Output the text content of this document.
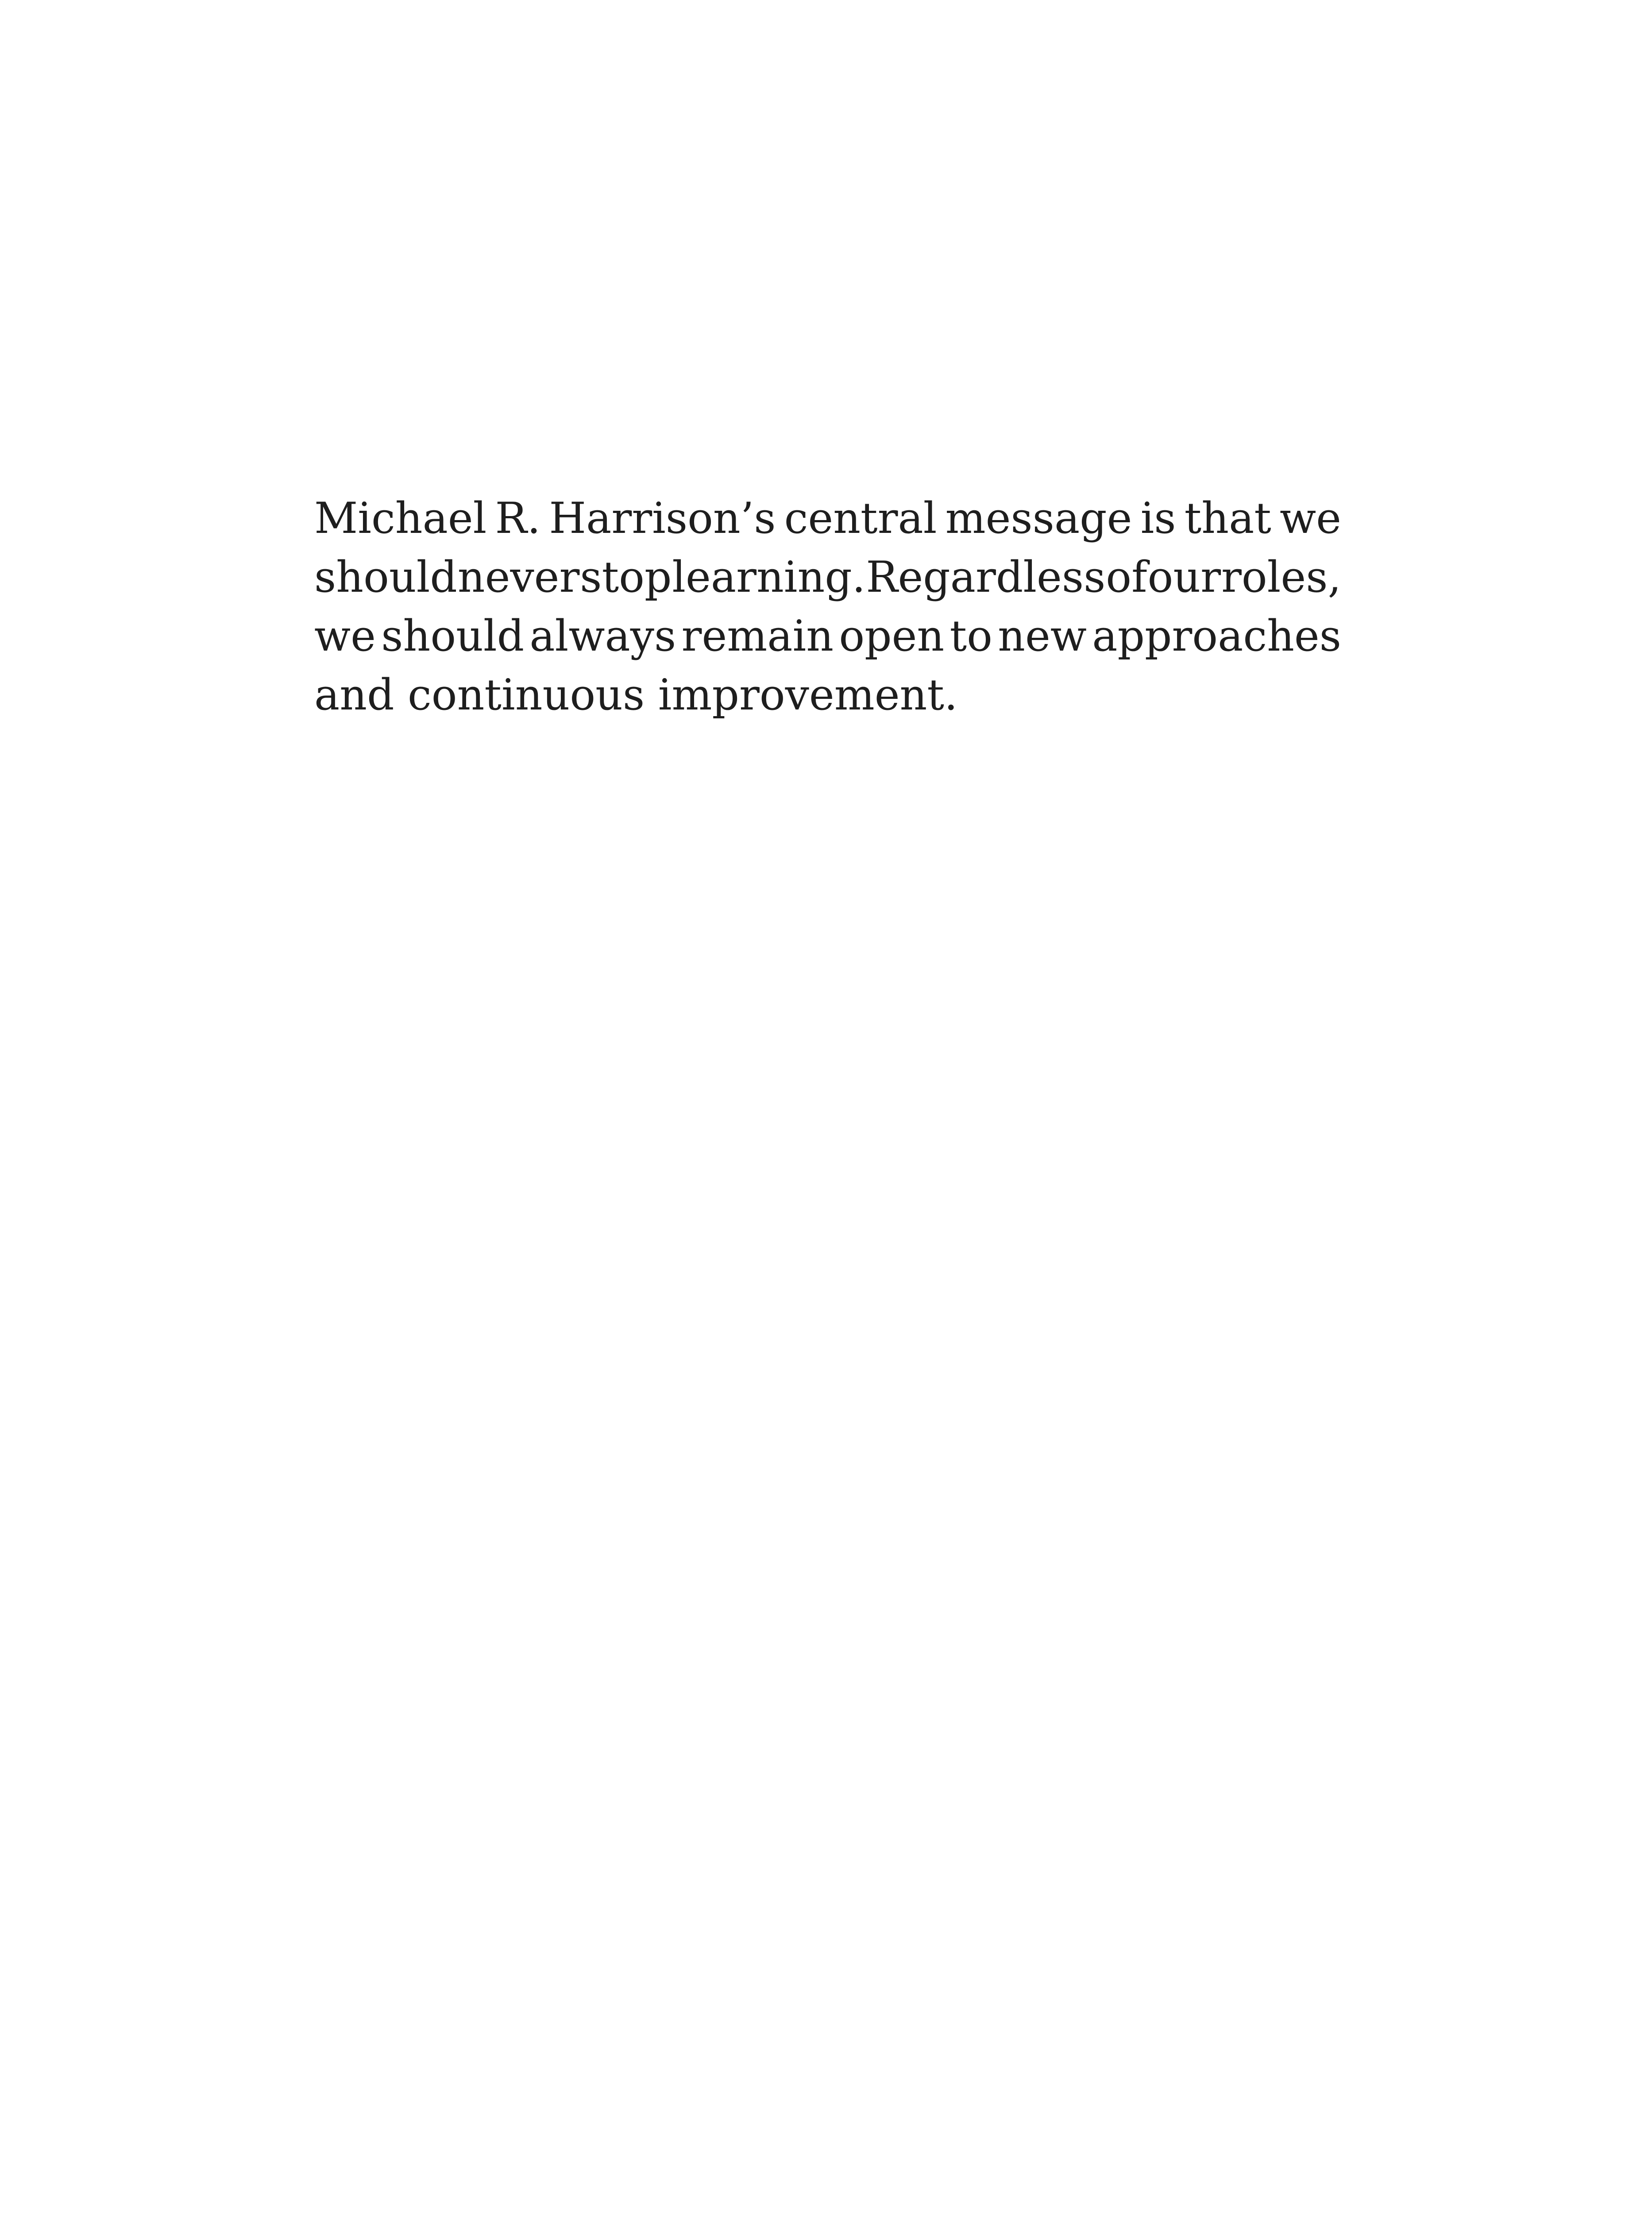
Michael R. Harrison’s central message is that we
should never stop learning. Regardless of our roles,
we should always remain open to new approaches
and continuous improvement.
